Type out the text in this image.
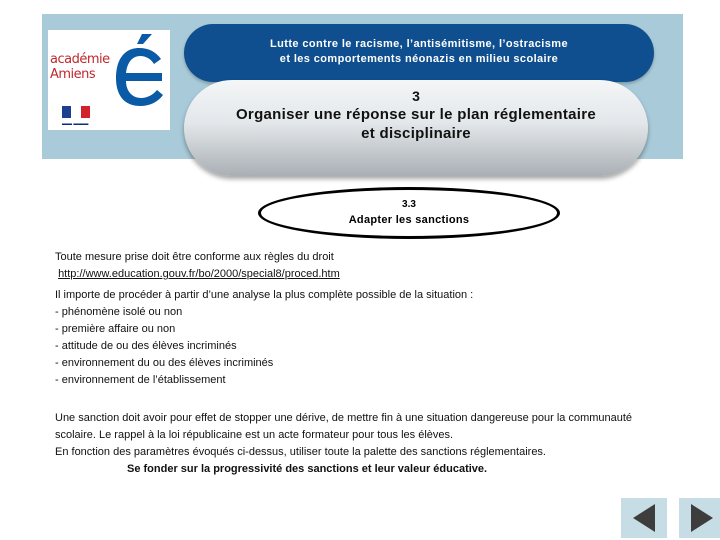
académie
Amiens
▬▬ ▬▬▬
Lutte contre le racisme, l’antisémitisme, l’ostracisme
et les comportements néonazis en milieu scolaire
3
Organiser une réponse sur le plan réglementaire
et disciplinaire
3.3
Adapter les sanctions

Toute mesure prise doit être conforme aux règles du droit

http://www.education.gouv.fr/bo/2000/special8/proced.htm

Il importe de procéder à partir d’une analyse la plus complète possible de la situation :

- phénomène isolé ou non

- première affaire ou non

- attitude de ou des élèves incriminés

- environnement du ou des élèves incriminés

- environnement de l’établissement

Une sanction doit avoir pour effet de stopper une dérive, de mettre fin à une situation dangereuse pour la communauté

scolaire. Le rappel à la loi républicaine est un acte formateur pour tous les élèves.

En fonction des paramètres évoqués ci-dessus, utiliser toute la palette des sanctions réglementaires.

Se fonder sur la progressivité des sanctions et leur valeur éducative.
